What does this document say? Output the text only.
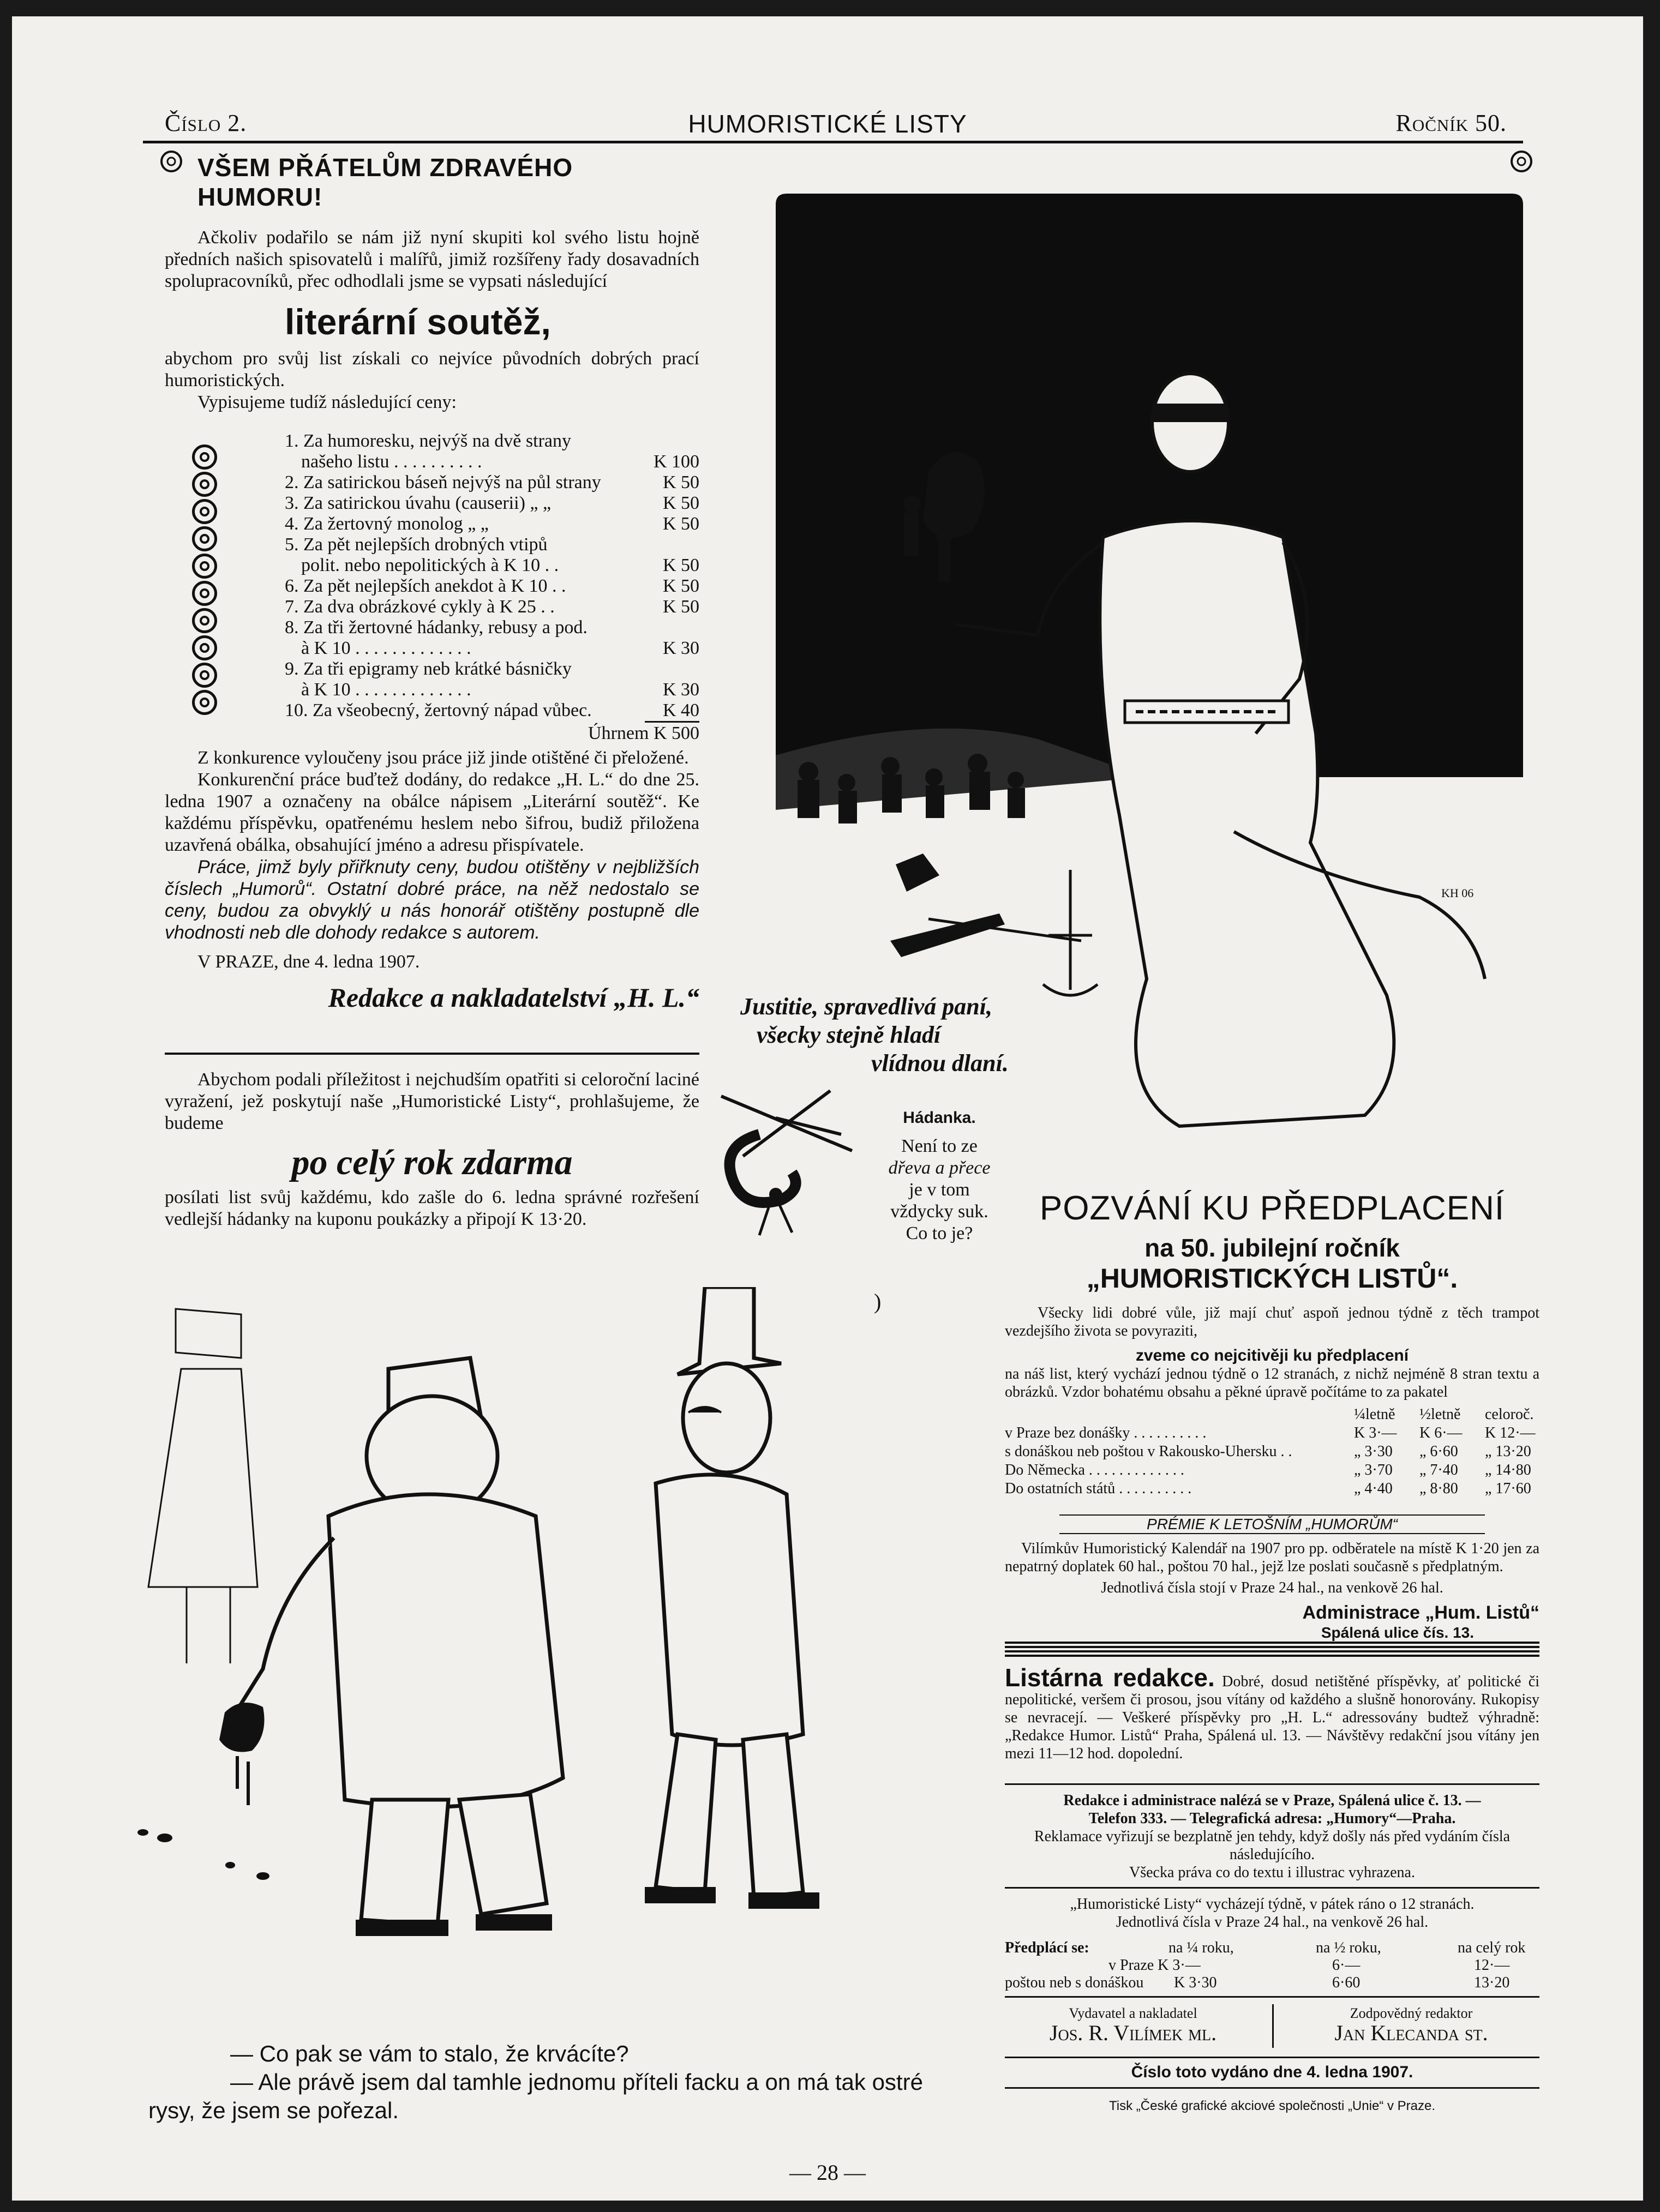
Číslo 2.	HUMORISTICKÉ LISTY	Ročník 50.
VŠEM PŘÁTELŮM ZDRAVÉHO HUMORU!
Ačkoliv podařilo se nám již nyní skupiti kol svého listu hojně předních našich spisovatelů i malířů, jimiž rozšířeny řady dosavadních spolupracovníků, přec odhodlali jsme se vypsati následující
literární soutěž,
abychom pro svůj list získali co nejvíce původních dobrých prací humoristických.
Vypisujeme tudíž následující ceny:
1. Za humoresku, nejvýš na dvě strany
našeho listu . . . . . . . . . .	K 100
2. Za satirickou báseň nejvýš na půl strany	K 50
3. Za satirickou úvahu (causerii) „ „	K 50
4. Za žertovný monolog „ „	K 50
5. Za pět nejlepších drobných vtipů
polit. nebo nepolitických à K 10 . .	K 50
6. Za pět nejlepších anekdot à K 10 . .	K 50
7. Za dva obrázkové cykly à K 25 . .	K 50
8. Za tři žertovné hádanky, rebusy a pod.
à K 10 . . . . . . . . . . . . .	K 30
9. Za tři epigramy neb krátké básničky
à K 10 . . . . . . . . . . . . .	K 30
10. Za všeobecný, žertovný nápad vůbec.	K 40
Úhrnem K 500
Z konkurence vyloučeny jsou práce již jinde otištěné či přeložené.
Konkurenční práce buďtež dodány, do redakce „H. L.“ do dne 25. ledna 1907 a označeny na obálce nápisem „Literární soutěž“. Ke každému příspěvku, opatřenému heslem nebo šifrou, budiž přiložena uzavřená obálka, obsahující jméno a adresu přispívatele.
Práce, jimž byly přiřknuty ceny, budou otištěny v nejbližších číslech „Humorů“. Ostatní dobré práce, na něž nedostalo se ceny, budou za obvyklý u nás honorář otištěny postupně dle vhodnosti neb dle dohody redakce s autorem.
V PRAZE, dne 4. ledna 1907.
Redakce a nakladatelství „H. L.“
Abychom podali příležitost i nejchudším opatřiti si celoroční laciné vyražení, jež poskytují naše „Humoristické Listy“, prohlašujeme, že budeme
po celý rok zdarma
posílati list svůj každému, kdo zašle do 6. ledna správné rozřešení vedlejší hádanky na kuponu poukázky a připojí K 13·20.
KH 06
Justitie, spravedlivá paní,
všecky stejně hladí
vlídnou dlaní.
Hádanka.
Není to ze
dřeva a přece
je v tom
vždycky suk.
Co to je?
POZVÁNÍ KU PŘEDPLACENÍ
na 50. jubilejní ročník
„HUMORISTICKÝCH LISTŮ“.
Všecky lidi dobré vůle, již mají chuť aspoň jednou týdně z těch trampot vezdejšího života se povyraziti,
zveme co nejcitivěji ku předplacení
na náš list, který vychází jednou týdně o 12 stranách, z nichž nejméně 8 stran textu a obrázků. Vzdor bohatému obsahu a pěkné úpravě počítáme to za pakatel
¼letně ½letně celoroč.
v Praze bez donášky . . . . . . . . . .	K 3·— K 6·— K 12·—
s donáškou neb poštou v Rakousko-Uhersku . .	„ 3·30 „ 6·60 „ 13·20
Do Německa . . . . . . . . . . . . .	„ 3·70 „ 7·40 „ 14·80
Do ostatních států . . . . . . . . . .	„ 4·40 „ 8·80 „ 17·60
PRÉMIE K LETOŠNÍM „HUMORŮM“
Vilímkův Humoristický Kalendář na 1907 pro pp. odběratele na místě K 1·20 jen za nepatrný doplatek 60 hal., poštou 70 hal., jejž lze poslati současně s předplatným.
Jednotlivá čísla stojí v Praze 24 hal., na venkově 26 hal.
Administrace „Hum. Listů“
Spálená ulice čís. 13.
Listárna redakce. Dobré, dosud netištěné příspěvky, ať politické či nepolitické, veršem či prosou, jsou vítány od každého a slušně honorovány. Rukopisy se nevracejí. — Veškeré příspěvky pro „H. L.“ adressovány budtež výhradně: „Redakce Humor. Listů“ Praha, Spálená ul. 13. — Návštěvy redakční jsou vítány jen mezi 11—12 hod. dopolední.
Redakce i administrace nalézá se v Praze, Spálená ulice č. 13. —
Telefon 333. — Telegrafická adresa: „Humory“—Praha.
Reklamace vyřizují se bezplatně jen tehdy, když došly nás před vydáním čísla následujícího.
Všecka práva co do textu i illustrac vyhrazena.
„Humoristické Listy“ vycházejí týdně, v pátek ráno o 12 stranách.
Jednotlivá čísla v Praze 24 hal., na venkově 26 hal.
Předplácí se:	na ¼ roku,	na ½ roku,	na celý rok
v Praze K 3·—	6·—	12·—
poštou neb s donáškou K 3·30	6·60	13·20
Vydavatel a nakladatel
Jos. R. Vilímek ml.
Zodpovědný redaktor
Jan Klecanda st.
Číslo toto vydáno dne 4. ledna 1907.
Tisk „České grafické akciové společnosti „Unie“ v Praze.
)
— Co pak se vám to stalo, že krvácíte?
— Ale právě jsem dal tamhle jednomu příteli facku a on má tak ostré rysy, že jsem se pořezal.
— 28 —
